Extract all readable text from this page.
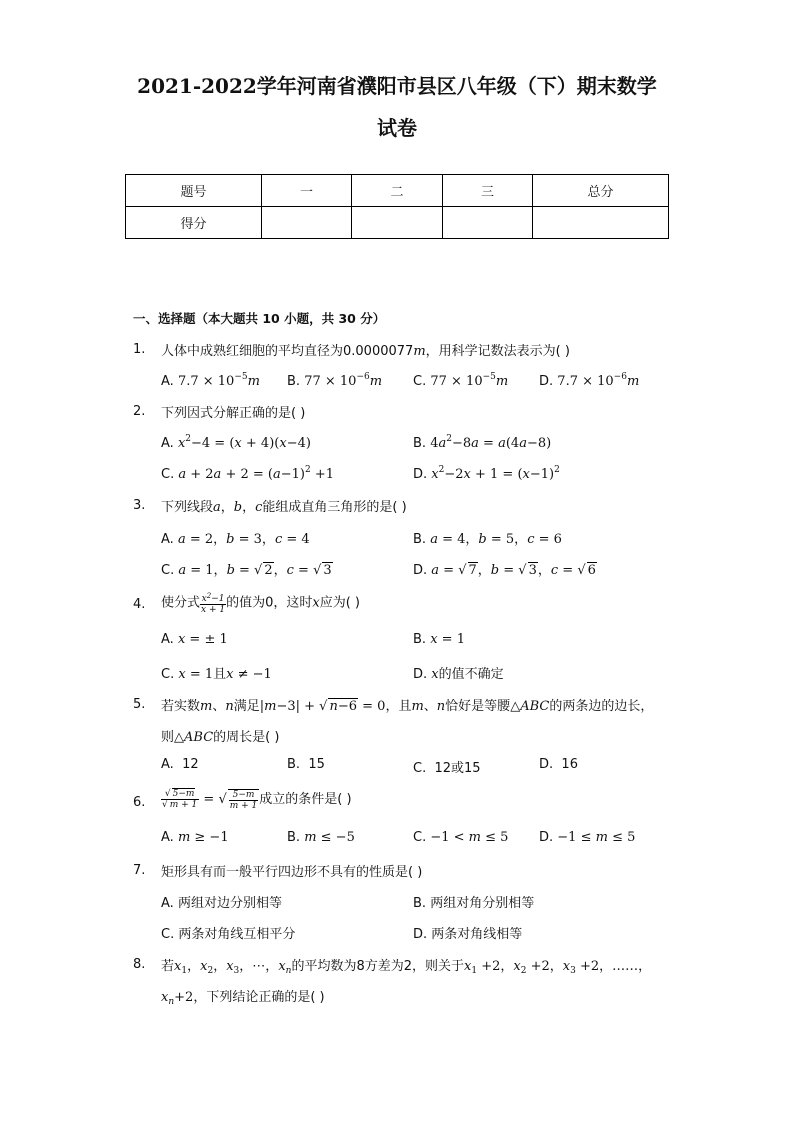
2021-2022学年河南省濮阳市县区八年级（下）期末数学
试卷
题号	一	二	三	总分
得分				
一、选择题（本大题共 10 小题，共 30 分）
1.	人体中成熟红细胞的平均直径为0.0000077m，用科学记数法表示为( )
A. $7.7 \times 10^{-5}m$ B. $77 \times 10^{-6}m$ C. $77 \times 10^{-5}m$ D. $7.7 \times 10^{-6}m$
2.	下列因式分解正确的是( )
A. $x^2-4 = (x + 4)(x-4)$	B. $4a^2-8a = a(4a-8)$
C. $a + 2a + 2 = (a-1)^2 +1$	D. $x^2-2x + 1 = (x-1)^2$
3.	下列线段a，b，c能组成直角三角形的是( )
A. a = 2，b = 3，c = 4	B. a = 4，b = 5，c = 6
C. a = 1，b = √ 2，c = √ 3	D. a = √ 7，b = √ 3，c = √ 6
4.	使分式 $\frac{x^2-1}{x + 1}$ 的值为0，这时x应为( )
A. x = ± 1	B. x = 1
C. x = 1且x ≠ −1	D. x的值不确定
5.	若实数m、n满足|m−3| + √ n−6 = 0，且m、n恰好是等腰△ABC的两条边的边长，
则△ABC的周长是( )
A.  12	B.  15	C.  12或15	D.  16
6.	$\frac{√ 5-m}{√ m + 1}$ = √ $\frac{5-m}{m + 1}$ 成立的条件是( )
A. m ≥ −1	B. m ≤ −5	C. −1 < m ≤ 5 D. −1 ≤ m ≤ 5
7.	矩形具有而一般平行四边形不具有的性质是( )
A. 两组对边分别相等	B. 两组对角分别相等
C. 两条对角线互相平分	D. 两条对角线相等
8.	若$x_1$，$x_2$，$x_3$，⋯，$x_n$的平均数为8方差为2，则关于$x_1 +2$，$x_2 +2$，$x_3 +2$，……，
$x_n+2$，下列结论正确的是( )
